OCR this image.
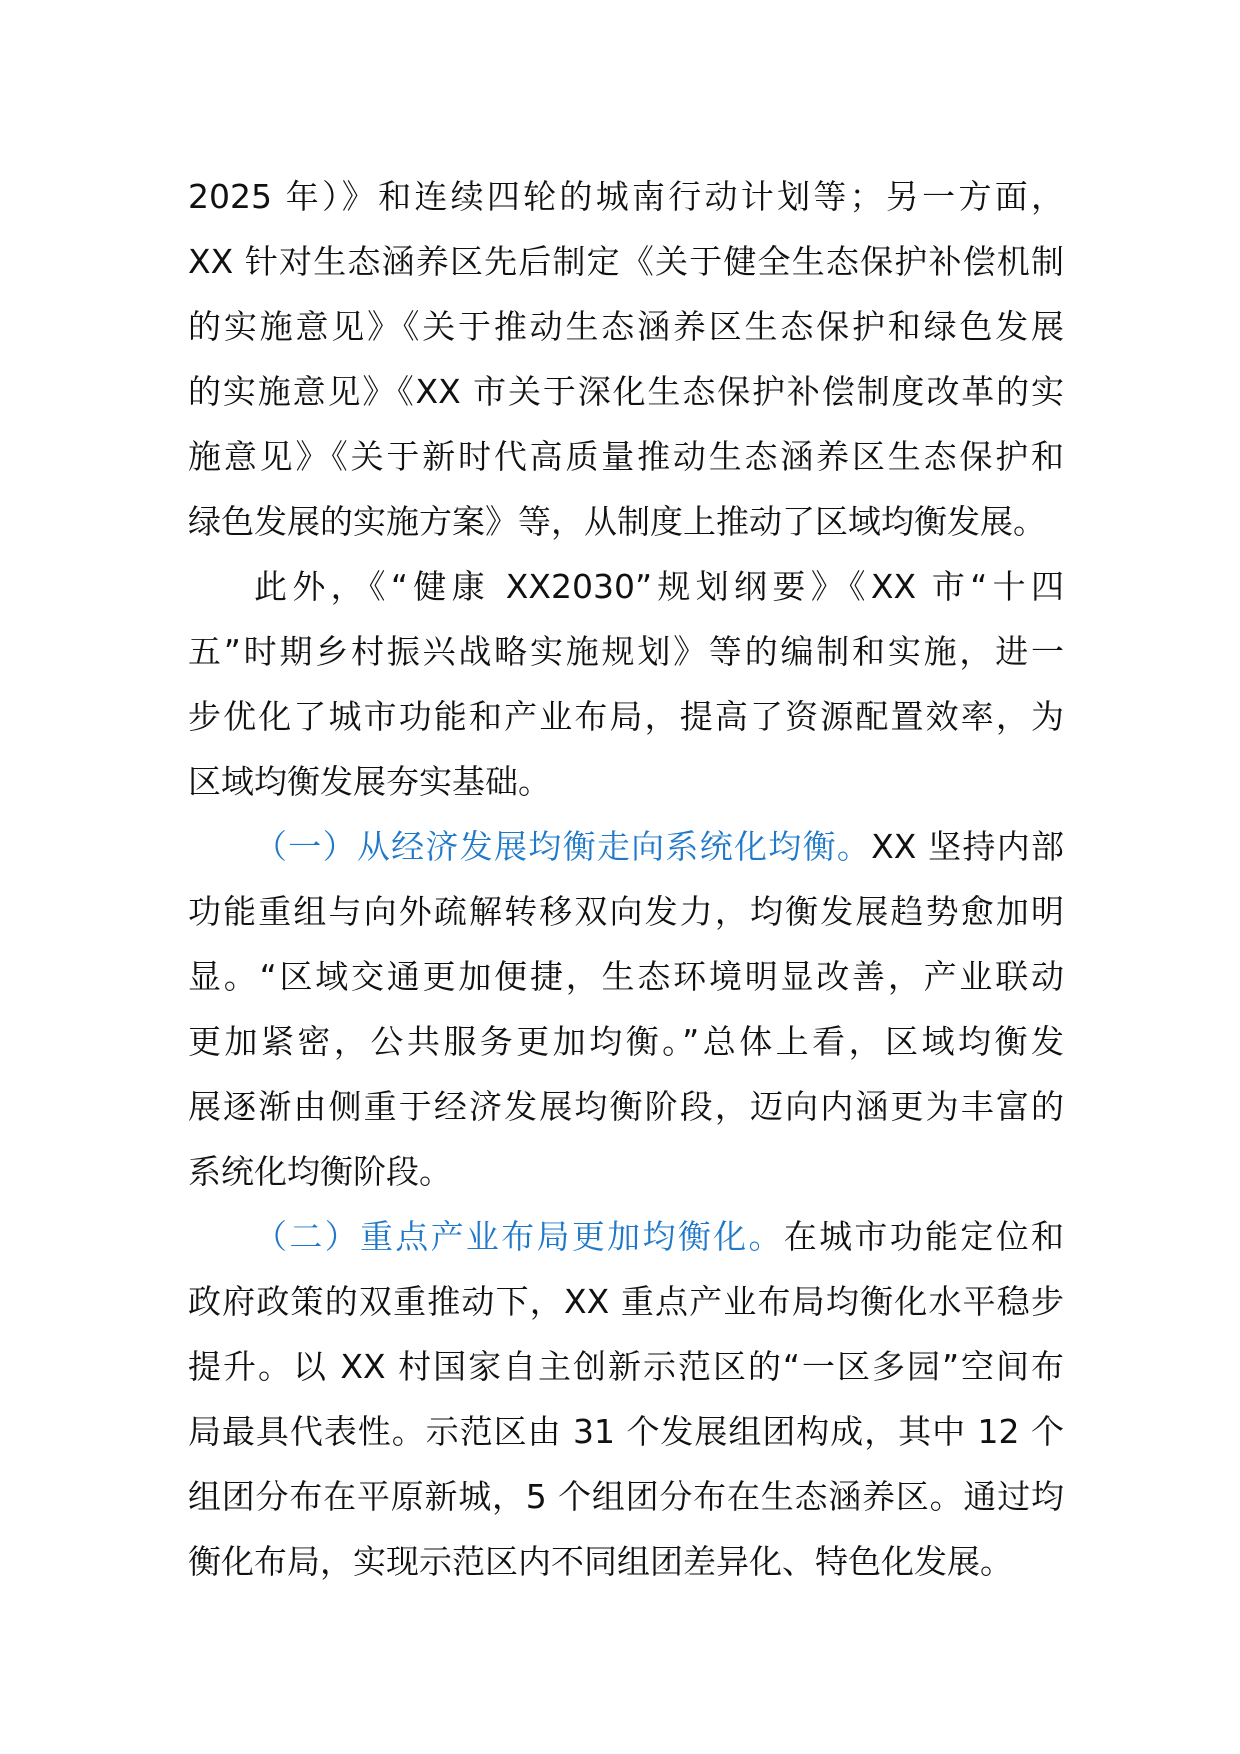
2025 年）》和连续四轮的城南行动计划等；另一方面，
XX 针对生态涵养区先后制定《关于健全生态保护补偿机制
的实施意见》《关于推动生态涵养区生态保护和绿色发展
的实施意见》《XX 市关于深化生态保护补偿制度改革的实
施意见》《关于新时代高质量推动生态涵养区生态保护和
绿色发展的实施方案》等，从制度上推动了区域均衡发展。
此外，《“健康 XX2030”规划纲要》《XX 市“十四
五”时期乡村振兴战略实施规划》等的编制和实施，进一
步优化了城市功能和产业布局，提高了资源配置效率，为
区域均衡发展夯实基础。
（一）从经济发展均衡走向系统化均衡。XX 坚持内部
功能重组与向外疏解转移双向发力，均衡发展趋势愈加明
显。“区域交通更加便捷，生态环境明显改善，产业联动
更加紧密，公共服务更加均衡。”总体上看，区域均衡发
展逐渐由侧重于经济发展均衡阶段，迈向内涵更为丰富的
系统化均衡阶段。
（二）重点产业布局更加均衡化。在城市功能定位和
政府政策的双重推动下，XX 重点产业布局均衡化水平稳步
提升。以 XX 村国家自主创新示范区的“一区多园”空间布
局最具代表性。示范区由 31 个发展组团构成，其中 12 个
组团分布在平原新城，5 个组团分布在生态涵养区。通过均
衡化布局，实现示范区内不同组团差异化、特色化发展。
